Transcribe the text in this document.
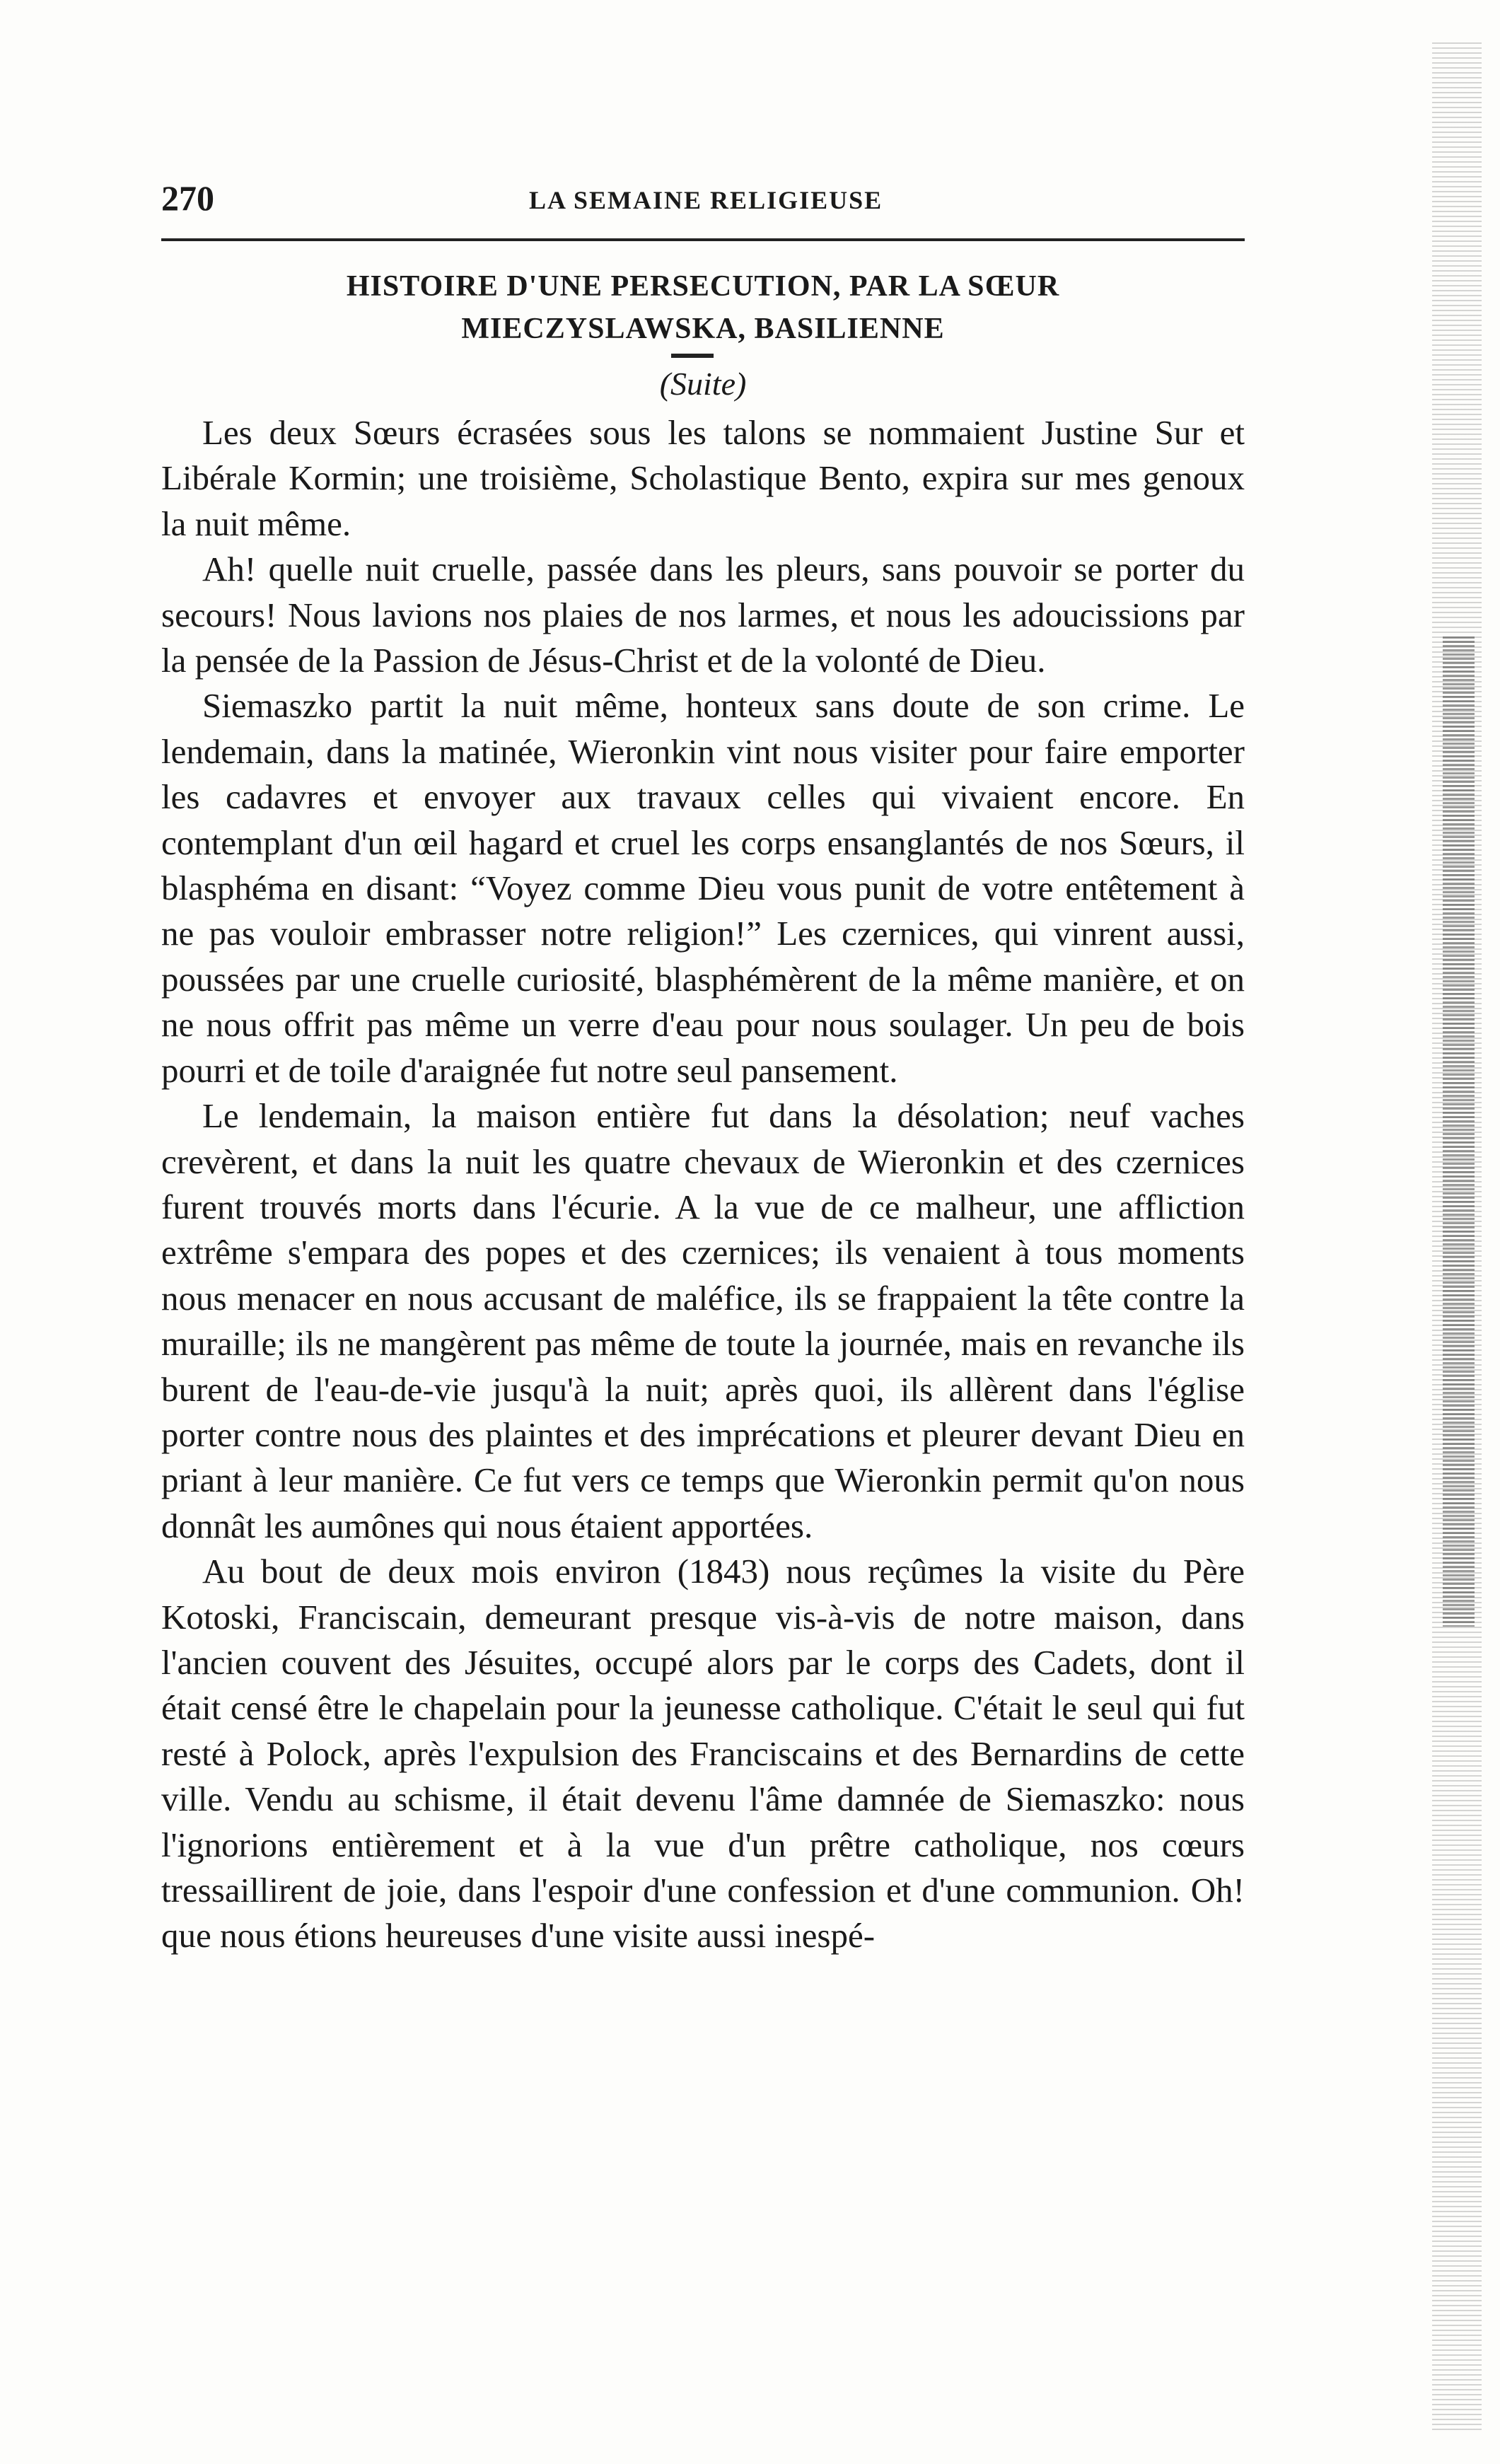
270	LA SEMAINE RELIGIEUSE
HISTOIRE D'UNE PERSECUTION, PAR LA SŒUR
MIECZYSLAWSKA, BASILIENNE
(Suite)

Les deux Sœurs écrasées sous les talons se nommaient Justine Sur et Libérale Kormin; une troisième, Scholastique Bento, expira sur mes genoux la nuit même.

Ah! quelle nuit cruelle, passée dans les pleurs, sans pouvoir se porter du secours! Nous lavions nos plaies de nos larmes, et nous les adoucissions par la pensée de la Passion de Jésus-Christ et de la volonté de Dieu.

Siemaszko partit la nuit même, honteux sans doute de son crime. Le lendemain, dans la matinée, Wieronkin vint nous visiter pour faire emporter les cadavres et envoyer aux travaux celles qui vivaient encore. En contemplant d'un œil hagard et cruel les corps ensanglantés de nos Sœurs, il blasphéma en disant: “Voyez comme Dieu vous punit de votre entêtement à ne pas vouloir embrasser notre religion!” Les czernices, qui vinrent aussi, poussées par une cruelle curiosité, blasphémèrent de la même manière, et on ne nous offrit pas même un verre d'eau pour nous soulager. Un peu de bois pourri et de toile d'araignée fut notre seul pansement.

Le lendemain, la maison entière fut dans la désolation; neuf vaches crevèrent, et dans la nuit les quatre chevaux de Wieronkin et des czernices furent trouvés morts dans l'écurie. A la vue de ce malheur, une affliction extrême s'empara des popes et des czernices; ils venaient à tous moments nous menacer en nous accusant de maléfice, ils se frappaient la tête contre la muraille; ils ne mangèrent pas même de toute la journée, mais en revanche ils burent de l'eau-de-vie jusqu'à la nuit; après quoi, ils allèrent dans l'église porter contre nous des plaintes et des imprécations et pleurer devant Dieu en priant à leur manière. Ce fut vers ce temps que Wieronkin permit qu'on nous donnât les aumônes qui nous étaient apportées.

Au bout de deux mois environ (1843) nous reçûmes la visite du Père Kotoski, Franciscain, demeurant presque vis-à-vis de notre maison, dans l'ancien couvent des Jésuites, occupé alors par le corps des Cadets, dont il était censé être le chapelain pour la jeunesse catholique. C'était le seul qui fut resté à Polock, après l'expulsion des Franciscains et des Bernardins de cette ville. Vendu au schisme, il était devenu l'âme damnée de Siemaszko: nous l'ignorions entièrement et à la vue d'un prêtre catholique, nos cœurs tressaillirent de joie, dans l'espoir d'une confession et d'une communion. Oh! que nous étions heureuses d'une visite aussi inespé-
